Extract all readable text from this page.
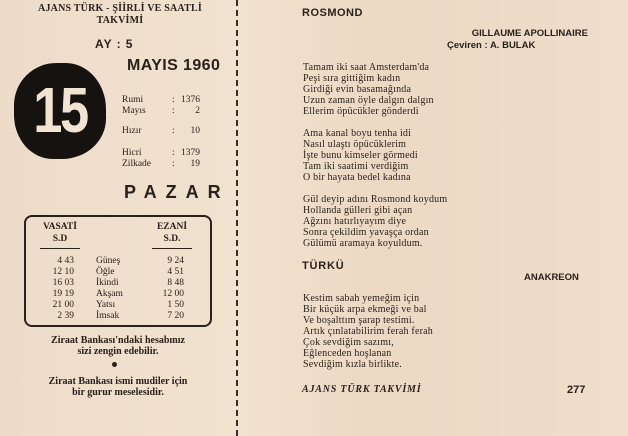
AJANS TÜRK - ŞİİRLİ VE SAATLİ
TAKVİMİ
AY : 5
15
MAYIS 1960
Rumi	: 1376
Mayıs	: 2
Hızır	: 10
Hicri	: 1379
Zilkade : 19
PAZAR
VASATİ
S.D
EZANİ
S.D.
4 43 Güneş	9 24
12 10 Öğle	4 51
16 03 İkindi	8 48
19 19 Akşam	12 00
21 00 Yatsı	1 50
2 39 İmsak	7 20
Ziraat Bankası'ndaki hesabınız
sizi zengin edebilir.
Ziraat Bankası ismi mudiler için
bir gurur meselesidir.
ROSMOND
GILLAUME APOLLINAIRE
Çeviren : A. BULAK
Tamam iki saat Amsterdam'da
Peşi sıra gittiğim kadın
Girdiği evin basamağında
Uzun zaman öyle dalgın dalgın
Ellerim öpücükler gönderdi
Ama kanal boyu tenha idi
Nasıl ulaştı öpücüklerim
İşte bunu kimseler görmedi
Tam iki saatimi verdiğim
O bir hayata bedel kadına
Gül deyip adını Rosmond koydum
Hollanda gülleri gibi açan
Ağzını hatırlıyayım diye
Sonra çekildim yavaşça ordan
Gülümü aramaya koyuldum.
TÜRKÜ
ANAKREON
Kestim sabah yemeğim için
Bir küçük arpa ekmeği ve bal
Ve boşalttım şarap testimi.
Artık çınlatabilirim ferah ferah
Çok sevdiğim sazımı,
Eğlenceden hoşlanan
Sevdiğim kızla birlikte.
AJANS TÜRK TAKVİMİ	277
